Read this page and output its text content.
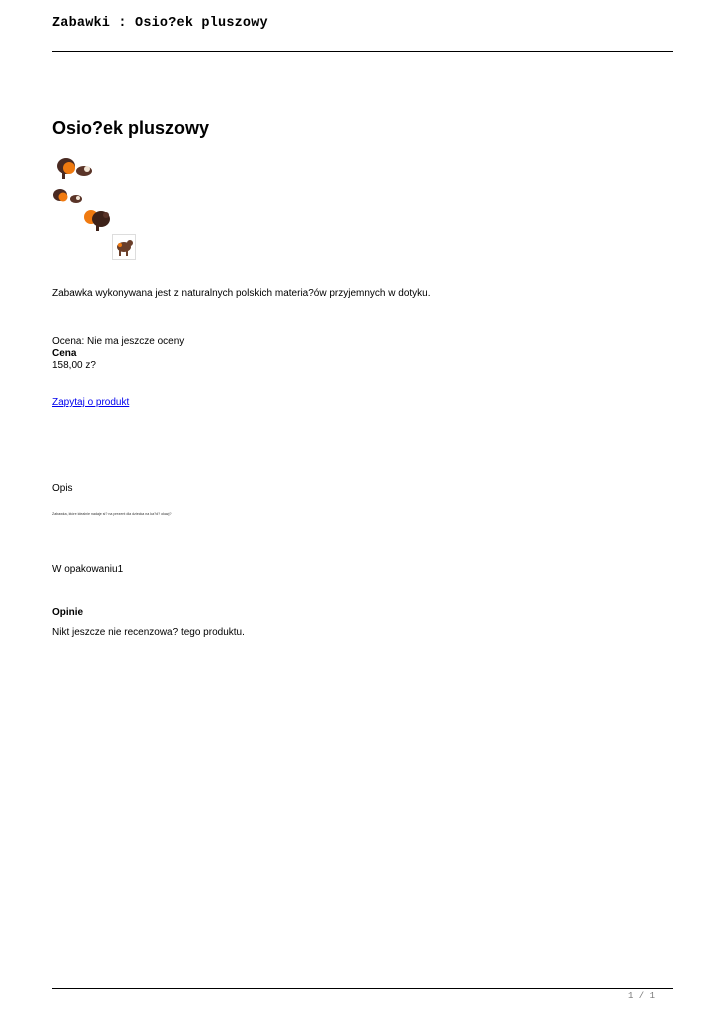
Zabawki : Osio?ek pluszowy
Osio?ek pluszowy
Zabawka wykonywana jest z naturalnych polskich materia?ów przyjemnych w dotyku.
Ocena: Nie ma jeszcze oceny
Cena
158,00 z?
Zapytaj o produkt
Opis
Zabawka, które idealnie nadaje si? na prezent dla dziecka na ka?d? okazj?
W opakowaniu1
Opinie
Nikt jeszcze nie recenzowa? tego produktu.
1 / 1
